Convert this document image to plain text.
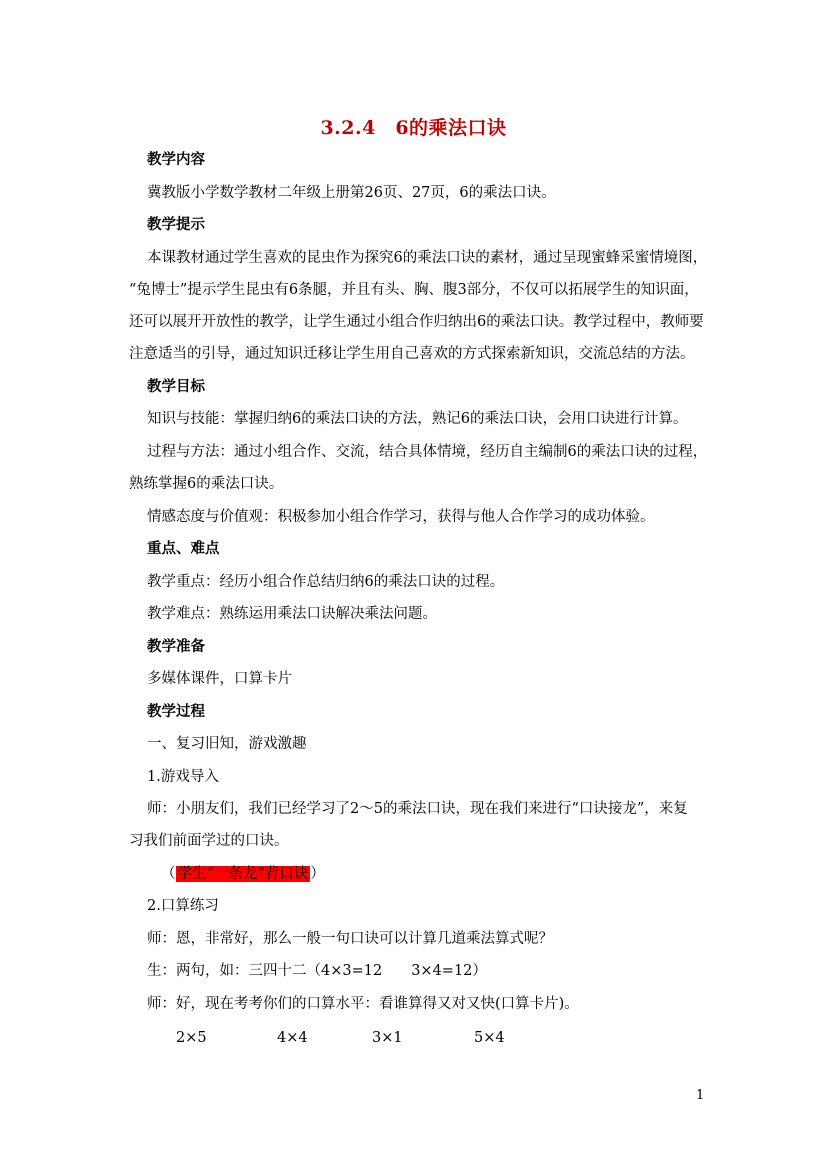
3.2.4　6的乘法口诀
教学内容
冀教版小学数学教材二年级上册第26页、27页，6的乘法口诀。
教学提示
本课教材通过学生喜欢的昆虫作为探究6的乘法口诀的素材，通过呈现蜜蜂采蜜情境图，
“兔博士”提示学生昆虫有6条腿，并且有头、胸、腹3部分，不仅可以拓展学生的知识面，
还可以展开开放性的教学，让学生通过小组合作归纳出6的乘法口诀。教学过程中，教师要
注意适当的引导，通过知识迁移让学生用自己喜欢的方式探索新知识，交流总结的方法。
教学目标
知识与技能：掌握归纳6的乘法口诀的方法，熟记6的乘法口诀，会用口诀进行计算。
过程与方法：通过小组合作、交流，结合具体情境，经历自主编制6的乘法口诀的过程，
熟练掌握6的乘法口诀。
情感态度与价值观：积极参加小组合作学习，获得与他人合作学习的成功体验。
重点、难点
教学重点：经历小组合作总结归纳6的乘法口诀的过程。
教学难点：熟练运用乘法口诀解决乘法问题。
教学准备
多媒体课件，口算卡片
教学过程
一、复习旧知，游戏激趣
1.游戏导入
师：小朋友们，我们已经学习了2～5的乘法口诀，现在我们来进行“口诀接龙”，来复
习我们前面学过的口诀。
（ 学生“一条龙”背口诀 ）
2.口算练习
师：恩，非常好，那么一般一句口诀可以计算几道乘法算式呢？
生：两句，如：三四十二（4×3=12　　3×4=12）
师：好，现在考考你们的口算水平：看谁算得又对又快(口算卡片)。
2×5	4×4	3×1	5×4
1
